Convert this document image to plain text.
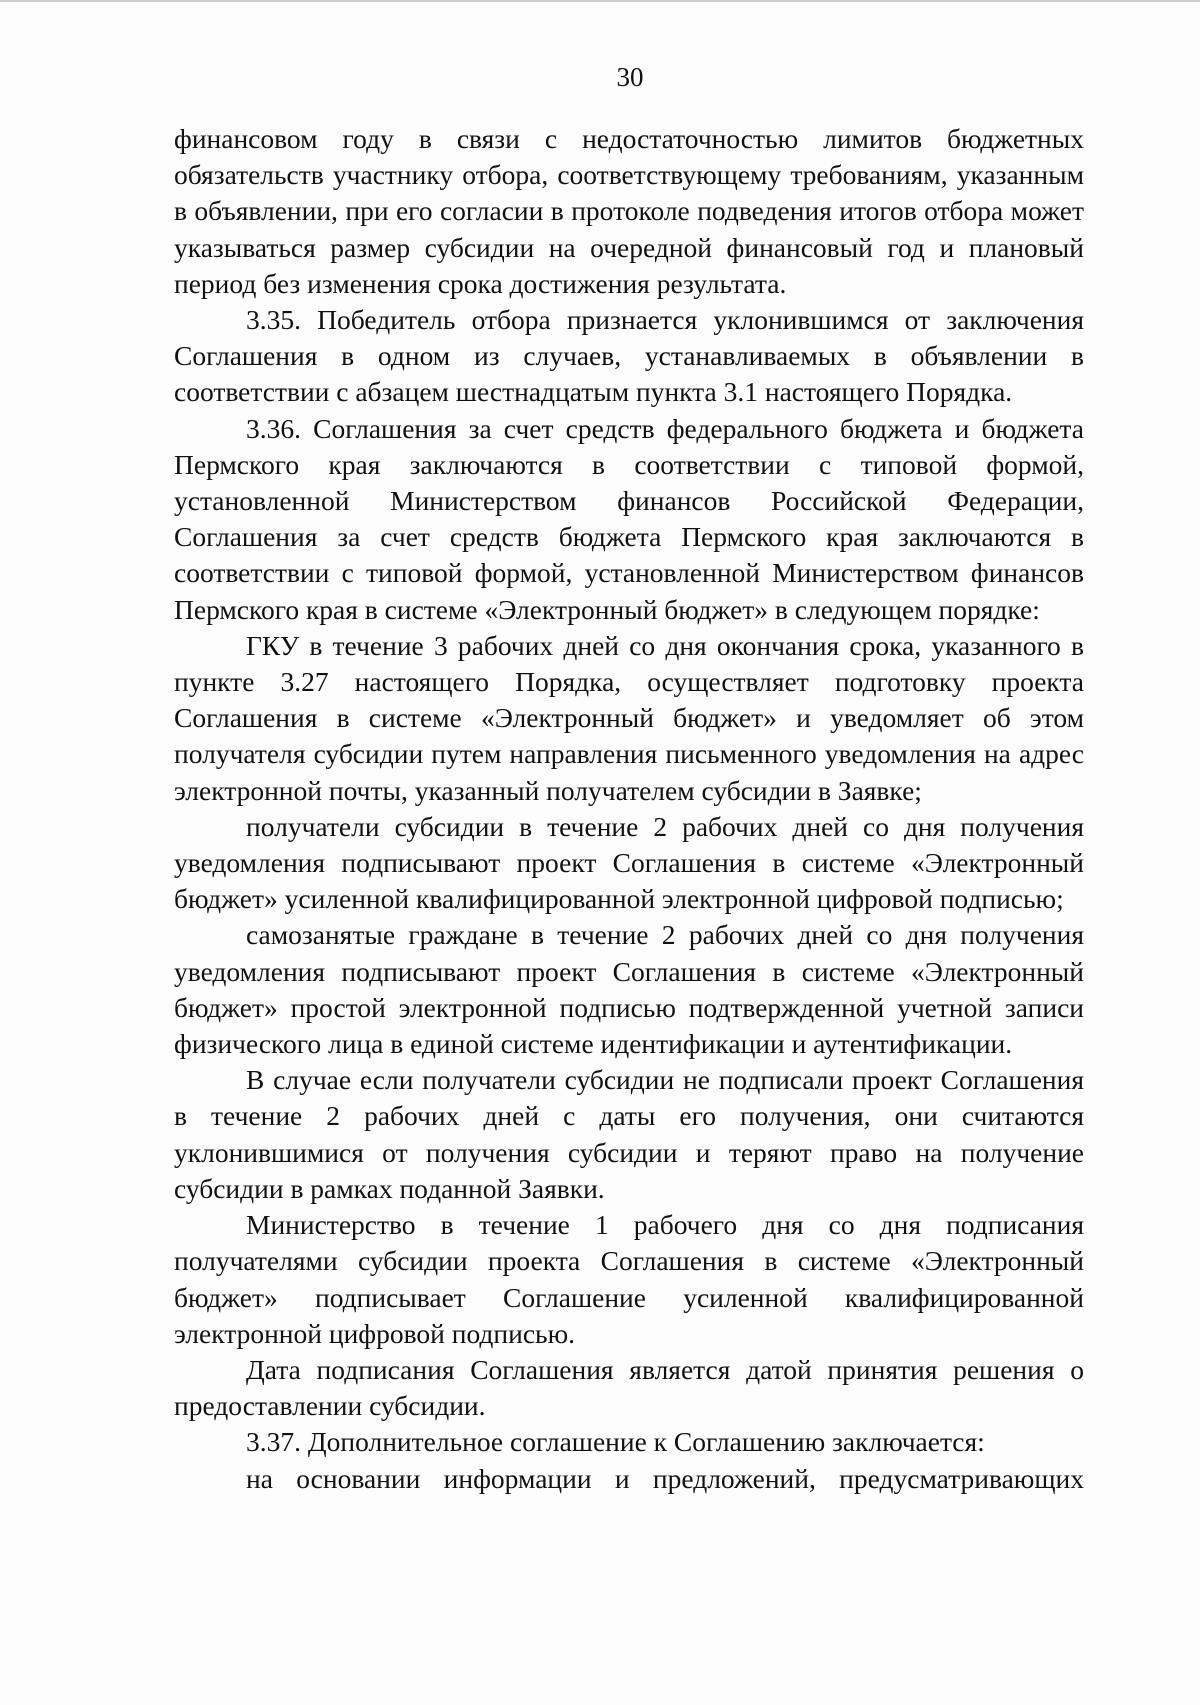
30

финансовом году в связи с недостаточностью лимитов бюджетных обязательств участнику отбора, соответствующему требованиям, указанным в объявлении, при его согласии в протоколе подведения итогов отбора может указываться размер субсидии на очередной финансовый год и плановый период без изменения срока достижения результата.

3.35. Победитель отбора признается уклонившимся от заключения Соглашения в одном из случаев, устанавливаемых в объявлении в соответствии с абзацем шестнадцатым пункта 3.1 настоящего Порядка.

3.36. Соглашения за счет средств федерального бюджета и бюджета Пермского края заключаются в соответствии с типовой формой, установленной Министерством финансов Российской Федерации, Соглашения за счет средств бюджета Пермского края заключаются в соответствии с типовой формой, установленной Министерством финансов Пермского края в системе «Электронный бюджет» в следующем порядке:

ГКУ в течение 3 рабочих дней со дня окончания срока, указанного в пункте 3.27 настоящего Порядка, осуществляет подготовку проекта Соглашения в системе «Электронный бюджет» и уведомляет об этом получателя субсидии путем направления письменного уведомления на адрес электронной почты, указанный получателем субсидии в Заявке;

получатели субсидии в течение 2 рабочих дней со дня получения уведомления подписывают проект Соглашения в системе «Электронный бюджет» усиленной квалифицированной электронной цифровой подписью;

самозанятые граждане в течение 2 рабочих дней со дня получения уведомления подписывают проект Соглашения в системе «Электронный бюджет» простой электронной подписью подтвержденной учетной записи физического лица в единой системе идентификации и аутентификации.

В случае если получатели субсидии не подписали проект Соглашения в течение 2 рабочих дней с даты его получения, они считаются уклонившимися от получения субсидии и теряют право на получение субсидии в рамках поданной Заявки.

Министерство в течение 1 рабочего дня со дня подписания получателями субсидии проекта Соглашения в системе «Электронный бюджет» подписывает Соглашение усиленной квалифицированной электронной цифровой подписью.

Дата подписания Соглашения является датой принятия решения о предоставлении субсидии.

3.37. Дополнительное соглашение к Соглашению заключается:

на основании информации и предложений, предусматривающих
